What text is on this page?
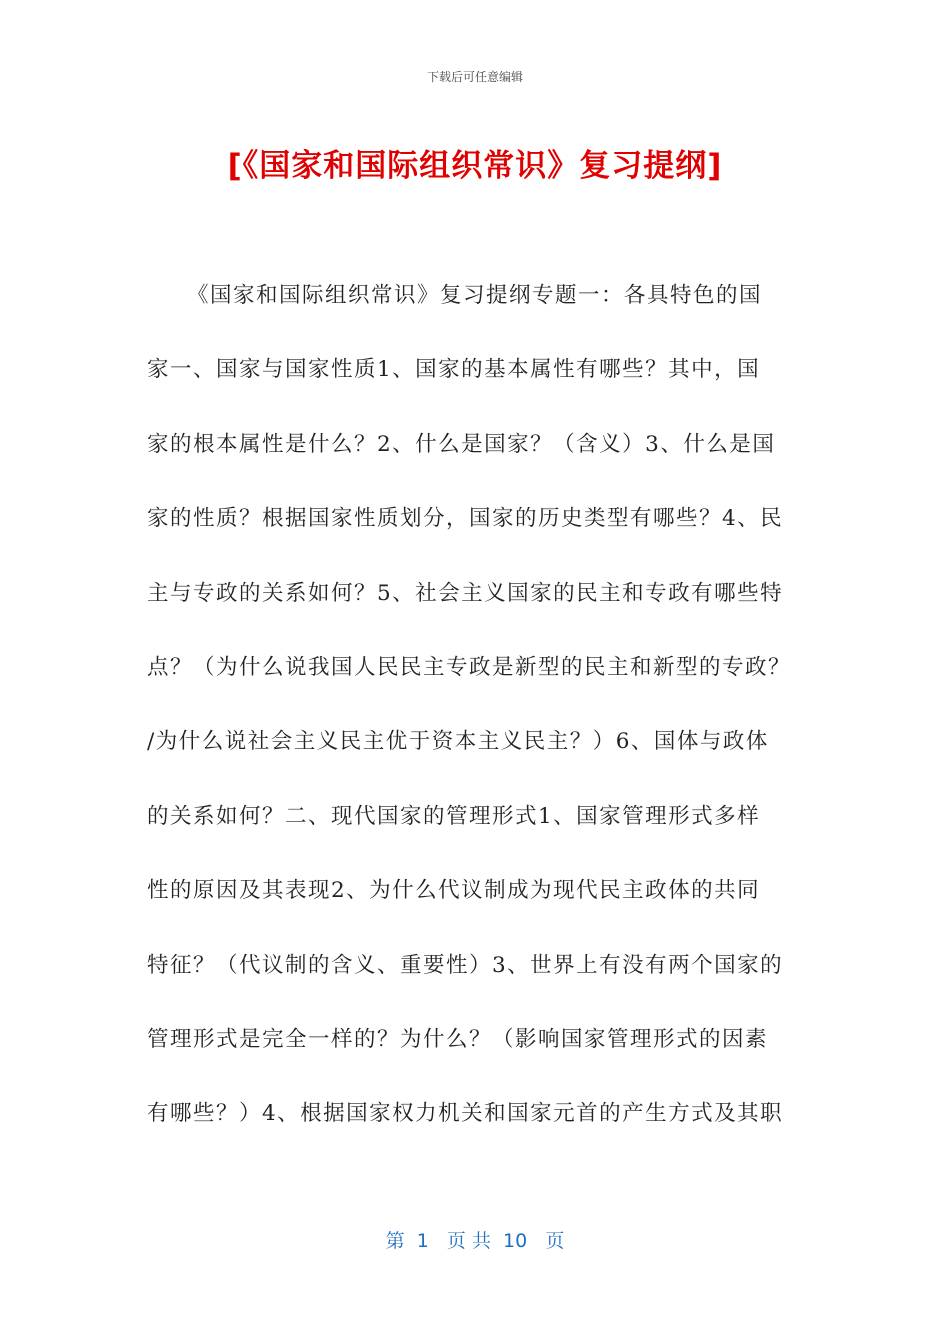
下载后可任意编辑
[《国家和国际组织常识》复习提纲]
《国家和国际组织常识》复习提纲专题一：各具特色的国
家一、国家与国家性质1、国家的基本属性有哪些？其中，国
家的根本属性是什么？2、什么是国家？（含义）3、什么是国
家的性质？根据国家性质划分，国家的历史类型有哪些？4、民
主与专政的关系如何？5、社会主义国家的民主和专政有哪些特
点？（为什么说我国人民民主专政是新型的民主和新型的专政？
/为什么说社会主义民主优于资本主义民主？）6、国体与政体
的关系如何？二、现代国家的管理形式1、国家管理形式多样
性的原因及其表现2、为什么代议制成为现代民主政体的共同
特征？（代议制的含义、重要性）3、世界上有没有两个国家的
管理形式是完全一样的？为什么？（影响国家管理形式的因素
有哪些？）4、根据国家权力机关和国家元首的产生方式及其职
第  1   页 共  10   页
